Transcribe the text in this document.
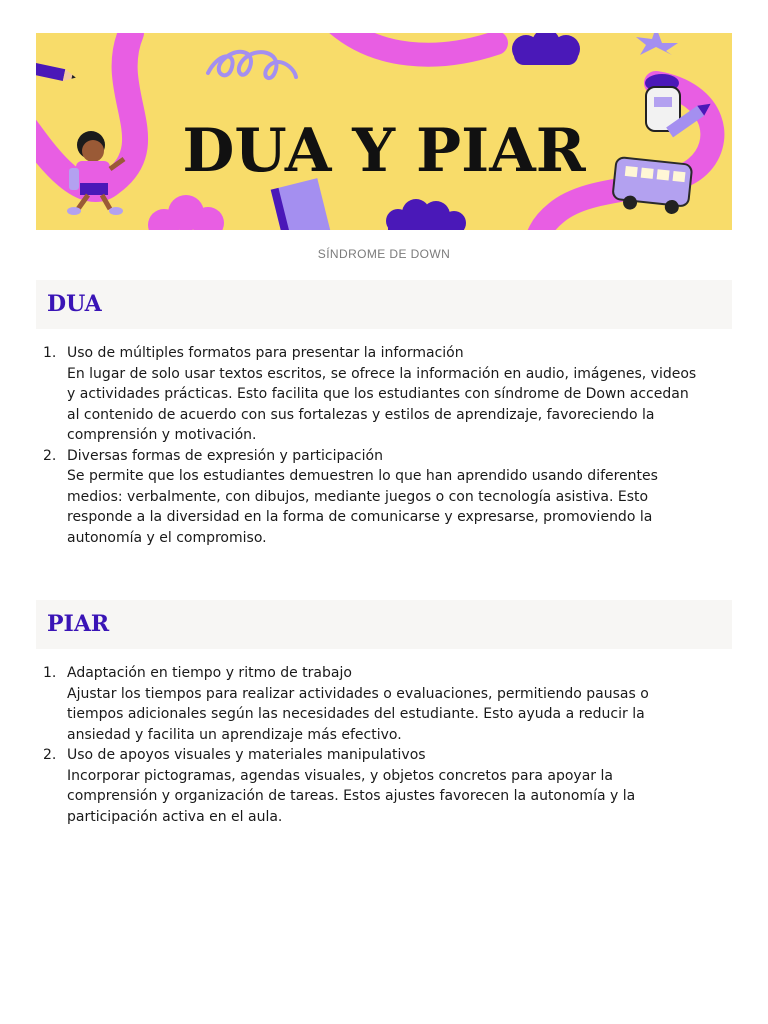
DUA Y PIAR
SÍNDROME DE DOWN
DUA
1. Uso de múltiples formatos para presentar la información
En lugar de solo usar textos escritos, se ofrece la información en audio, imágenes, videos
y actividades prácticas. Esto facilita que los estudiantes con síndrome de Down accedan
al contenido de acuerdo con sus fortalezas y estilos de aprendizaje, favoreciendo la
comprensión y motivación.
2. Diversas formas de expresión y participación
Se permite que los estudiantes demuestren lo que han aprendido usando diferentes
medios: verbalmente, con dibujos, mediante juegos o con tecnología asistiva. Esto
responde a la diversidad en la forma de comunicarse y expresarse, promoviendo la
autonomía y el compromiso.
PIAR
1. Adaptación en tiempo y ritmo de trabajo
Ajustar los tiempos para realizar actividades o evaluaciones, permitiendo pausas o
tiempos adicionales según las necesidades del estudiante. Esto ayuda a reducir la
ansiedad y facilita un aprendizaje más efectivo.
2. Uso de apoyos visuales y materiales manipulativos
Incorporar pictogramas, agendas visuales, y objetos concretos para apoyar la
comprensión y organización de tareas. Estos ajustes favorecen la autonomía y la
participación activa en el aula.
